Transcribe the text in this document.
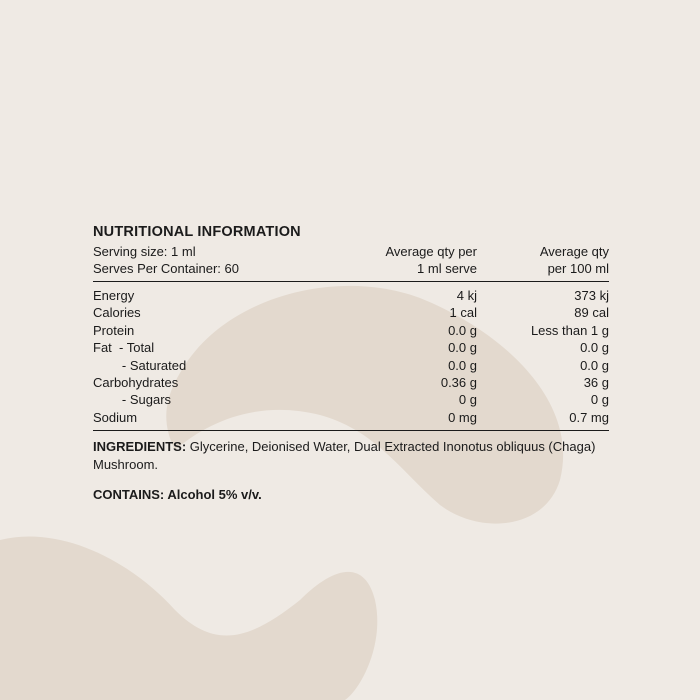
NUTRITIONAL INFORMATION
Serving size: 1 ml	Average qty per	Average qty
Serves Per Container: 60	1 ml serve	per 100 ml
Energy	4 kj	373 kj
Calories	1 cal	89 cal
Protein	0.0 g	Less than 1 g
Fat  - Total	0.0 g	0.0 g
- Saturated	0.0 g	0.0 g
Carbohydrates	0.36 g	36 g
- Sugars	0 g	0 g
Sodium	0 mg	0.7 mg
INGREDIENTS: Glycerine, Deionised Water, Dual Extracted Inonotus obliquus (Chaga) Mushroom.
CONTAINS: Alcohol 5% v/v.
